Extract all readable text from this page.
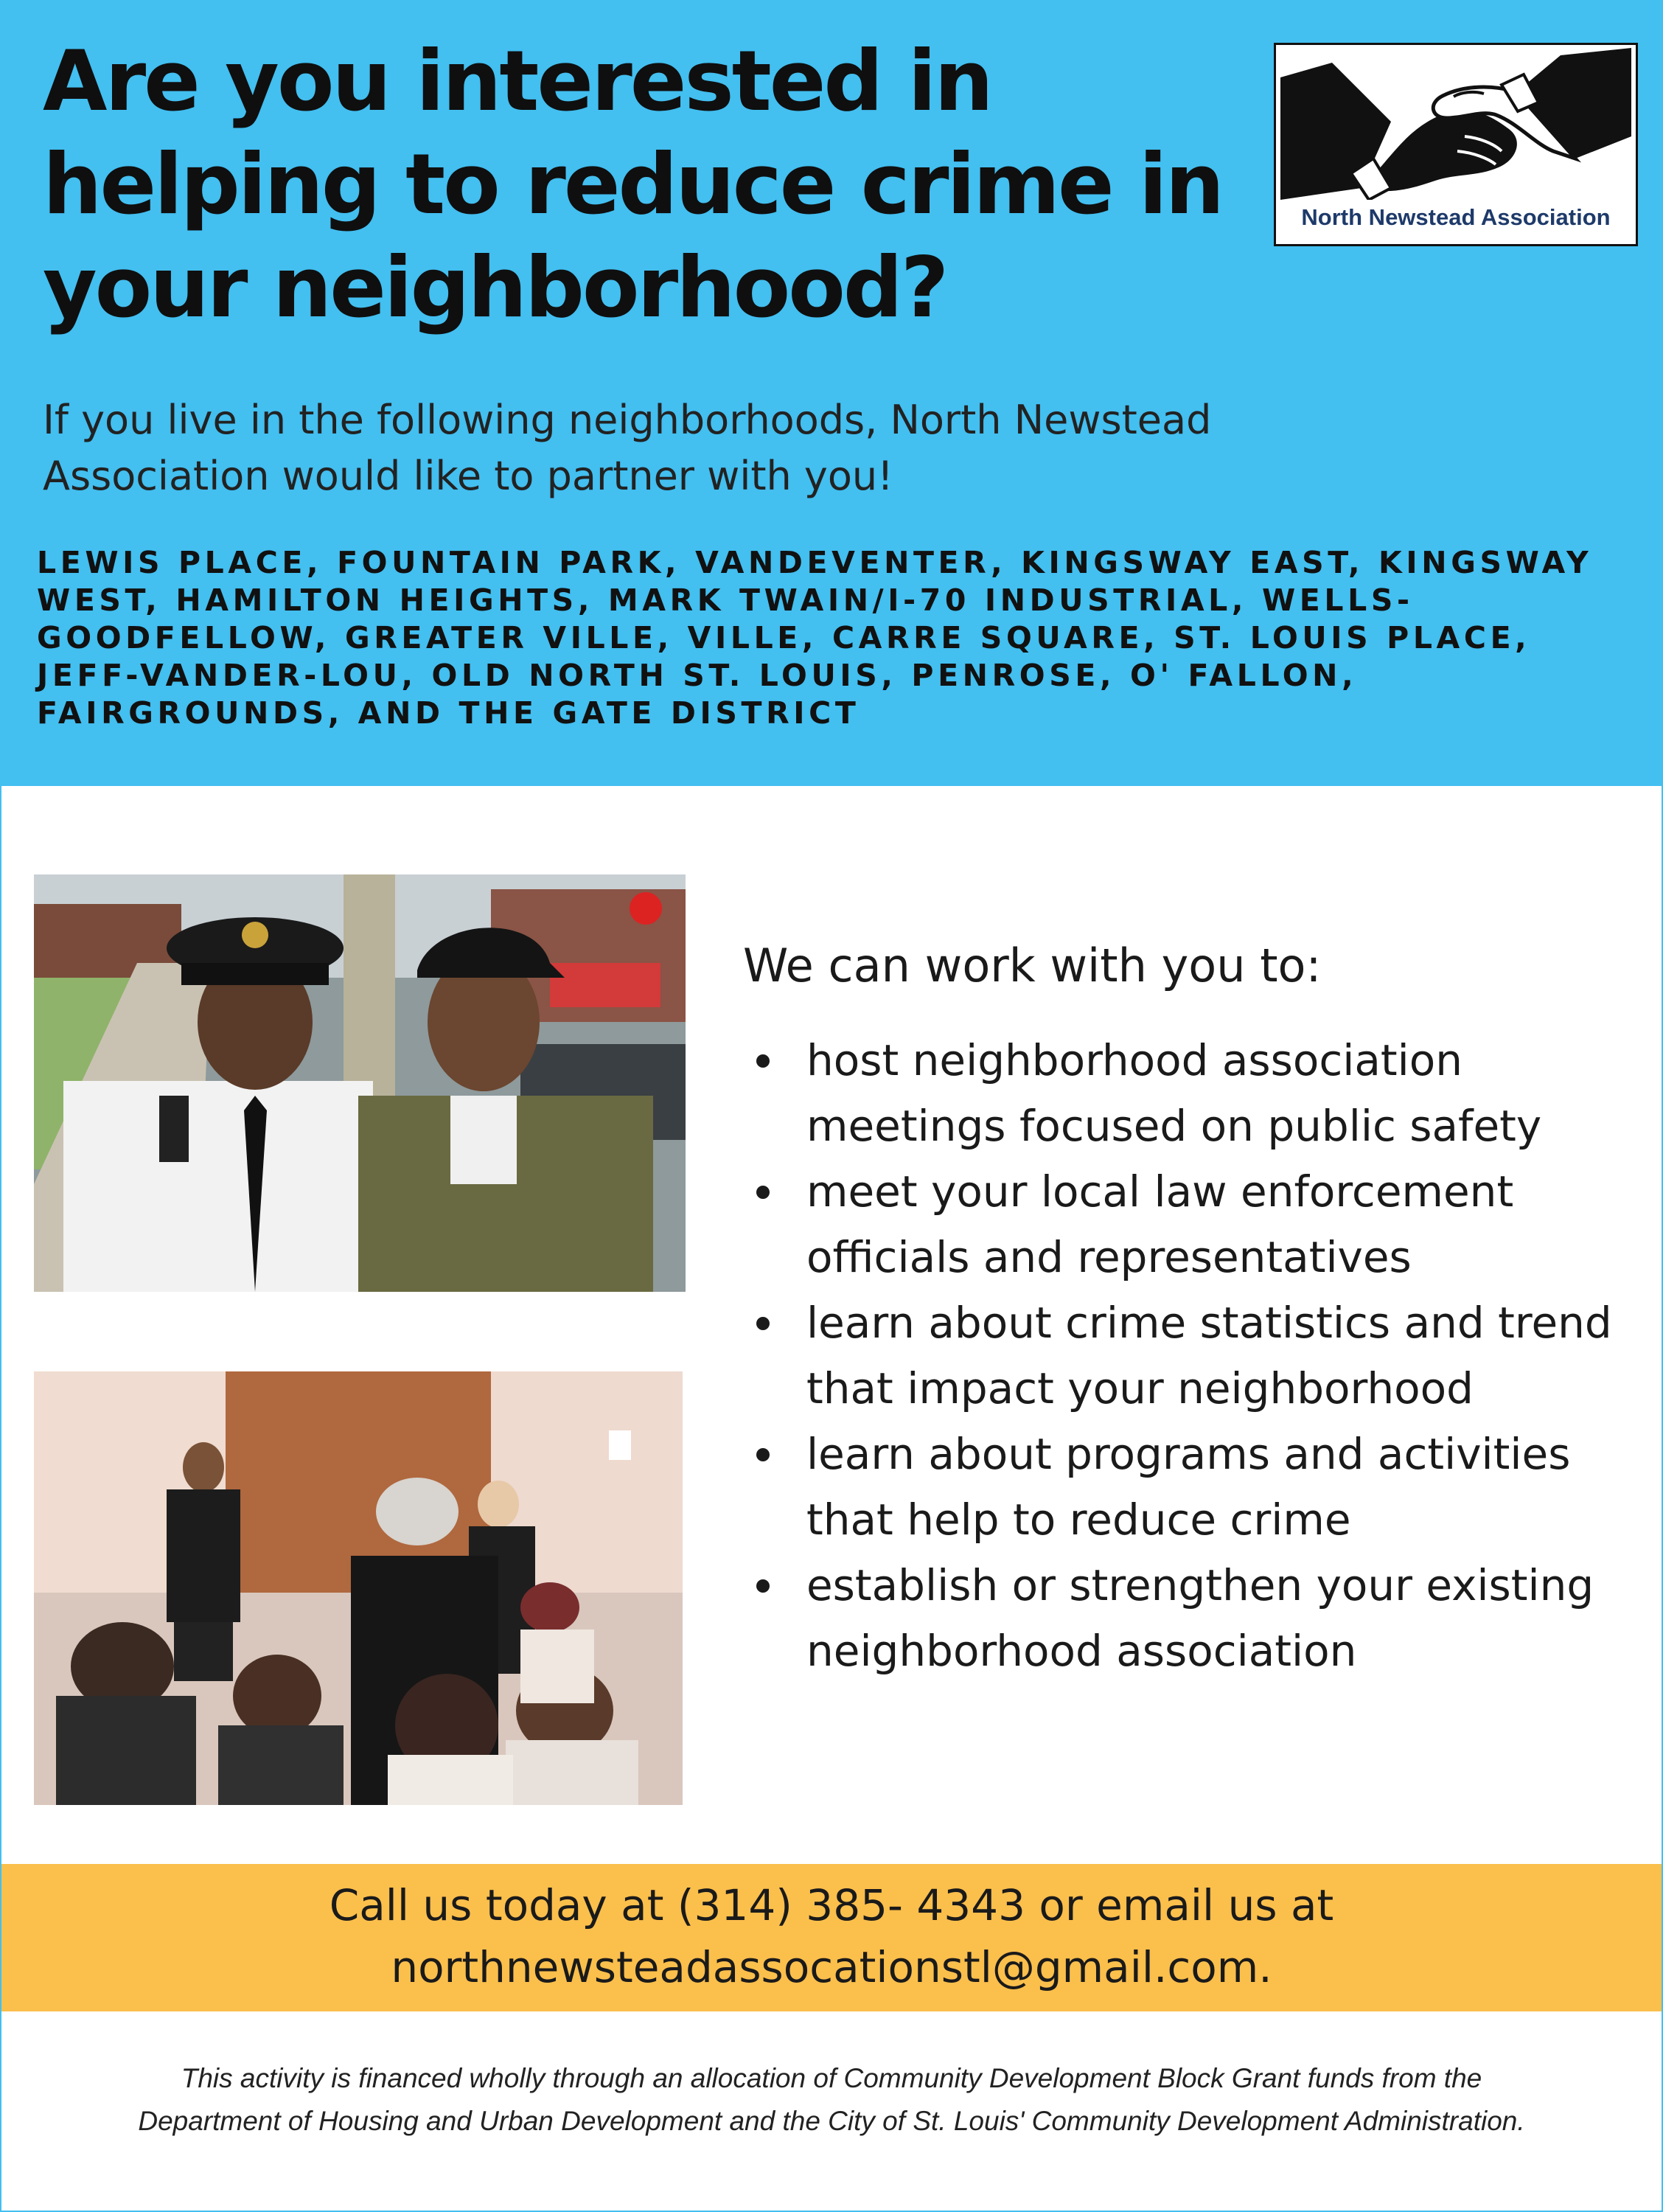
Are you interested in helping to reduce crime in your neighborhood?
North Newstead Association

If you live in the following neighborhoods, North Newstead Association would like to partner with you!

LEWIS PLACE, FOUNTAIN PARK, VANDEVENTER, KINGSWAY EAST, KINGSWAY WEST, HAMILTON HEIGHTS, MARK TWAIN/I-70 INDUSTRIAL, WELLS-GOODFELLOW, GREATER VILLE, VILLE, CARRE SQUARE, ST. LOUIS PLACE, JEFF-VANDER-LOU, OLD NORTH ST. LOUIS, PENROSE, O' FALLON, FAIRGROUNDS, AND THE GATE DISTRICT

We can work with you to:
host neighborhood association meetings focused on public safety
meet your local law enforcement officials and representatives
learn about crime statistics and trend that impact your neighborhood
learn about programs and activities that help to reduce crime
establish or strengthen your existing neighborhood association
Call us today at (314) 385- 4343 or email us at
northnewsteadassocationstl@gmail.com.
This activity is financed wholly through an allocation of Community Development Block Grant funds from the
Department of Housing and Urban Development and the City of St. Louis' Community Development Administration.
